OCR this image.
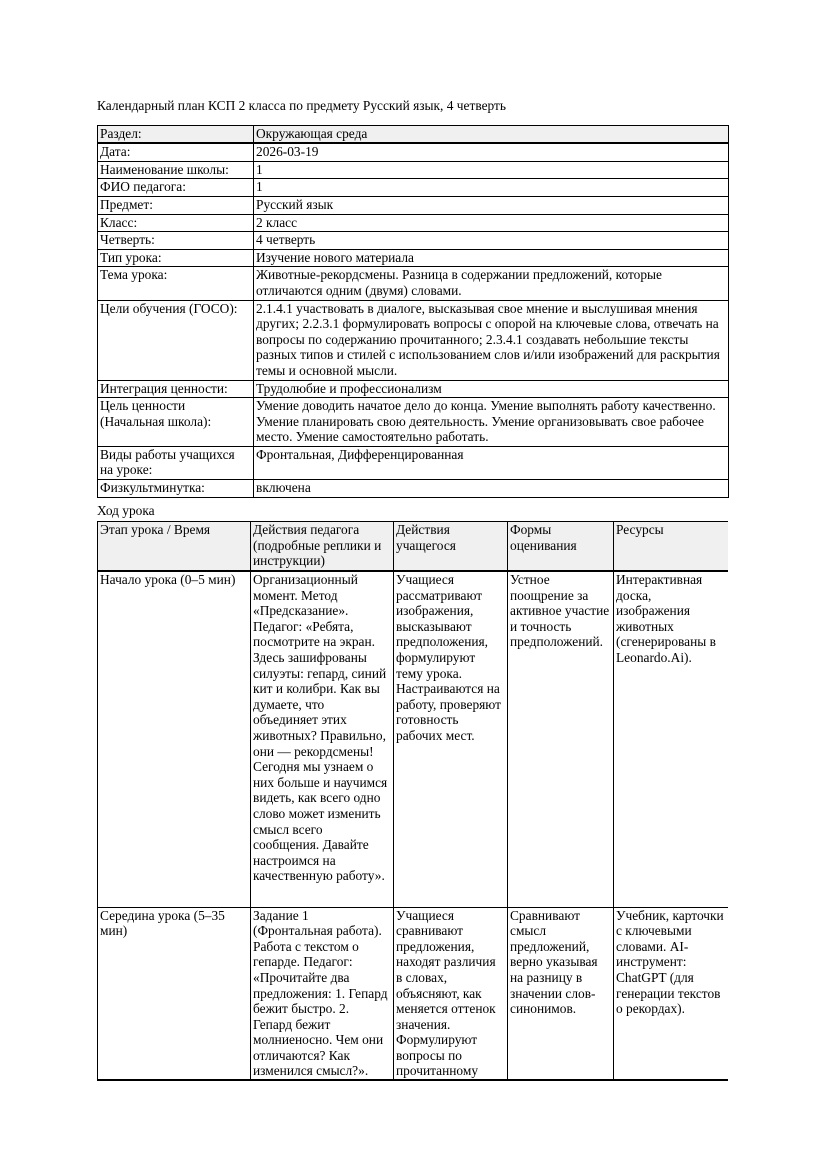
Календарный план КСП 2 класса по предмету Русский язык, 4 четверть

Раздел:	Окружающая среда
Дата:	2026-03-19
Наименование школы:	1
ФИО педагога:	1
Предмет:	Русский язык
Класс:	2 класс
Четверть:	4 четверть
Тип урока:	Изучение нового материала
Тема урока:	Животные-рекордсмены. Разница в содержании предложений, которые отличаются одним (двумя) словами.
Цели обучения (ГОСО):	2.1.4.1 участвовать в диалоге, высказывая свое мнение и выслушивая мнения других; 2.2.3.1 формулировать вопросы с опорой на ключевые слова, отвечать на вопросы по содержанию прочитанного; 2.3.4.1 создавать небольшие тексты разных типов и стилей с использованием слов и/или изображений для раскрытия темы и основной мысли.
Интеграция ценности:	Трудолюбие и профессионализм
Цель ценности (Начальная школа):	Умение доводить начатое дело до конца. Умение выполнять работу качественно. Умение планировать свою деятельность. Умение организовывать свое рабочее место. Умение самостоятельно работать.
Виды работы учащихся на уроке:	Фронтальная, Дифференцированная
Физкультминутка:	включена

Ход урока

Этап урока / Время	Действия педагога (подробные реплики и инструкции)	Действия учащегося	Формы оценивания	Ресурсы
Начало урока (0–5 мин)	Организационный момент. Метод «Предсказание». Педагог: «Ребята, посмотрите на экран. Здесь зашифрованы силуэты: гепард, синий кит и колибри. Как вы думаете, что объединяет этих животных? Правильно, они — рекордсмены! Сегодня мы узнаем о них больше и научимся видеть, как всего одно слово может изменить смысл всего сообщения. Давайте настроимся на качественную работу».	Учащиеся рассматривают изображения, высказывают предположения, формулируют тему урока. Настраиваются на работу, проверяют готовность рабочих мест.	Устное поощрение за активное участие и точность предположений.	Интерактивная доска, изображения животных (сгенерированы в Leonardo.Ai).
Середина урока (5–35 мин)	Задание 1 (Фронтальная работа). Работа с текстом о гепарде. Педагог: «Прочитайте два предложения: 1. Гепард бежит быстро. 2. Гепард бежит молниеносно. Чем они отличаются? Как изменился смысл?».	Учащиеся сравнивают предложения, находят различия в словах, объясняют, как меняется оттенок значения. Формулируют вопросы по прочитанному	Сравнивают смысл предложений, верно указывая на разницу в значении слов-синонимов.	Учебник, карточки с ключевыми словами. AI-инструмент: ChatGPT (для генерации текстов о рекордах).
